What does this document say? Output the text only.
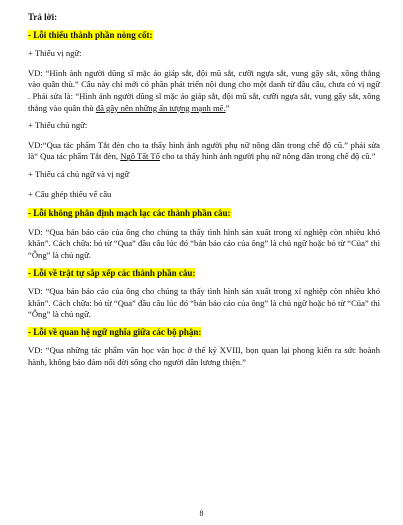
Trả lời:
- Lỗi thiếu thành phần nòng cốt:
+ Thiếu vị ngữ:
VD: “Hình ảnh người dũng sĩ mặc áo giáp sắt, đội mũ sắt, cưỡi ngựa sắt, vung gậy sắt, xông thẳng vào quân thù.” Câu này chỉ mới có phần phát triển nội dung cho một danh từ đầu câu, chưa có vị ngữ . Phải sửa là: “Hình ảnh người dũng sĩ mặc áo giáp sắt, đội mũ sắt, cưỡi ngựa sắt, vung gậy sắt, xông thẳng vào quân thù đã gây nên những ấn tượng mạnh mẽ.”
+ Thiếu chủ ngữ:
VD:“Qua tác phẩm Tắt đèn cho ta thấy hình ảnh người phụ nữ nông dân trong chế độ cũ.” phải sửa là“ Qua tác phẩm Tắt đèn, Ngô Tất Tố cho ta thấy hình ảnh người phụ nữ nông dân trong chế độ cũ.”
+ Thiếu cả chủ ngữ và vị ngữ
+ Câu ghép thiếu vế câu
- Lỗi không phân định mạch lạc các thành phần câu:
VD: “Qua bản báo cáo của ông cho chúng ta thấy tình hình sản xuất trong xí nghiệp còn nhiều khó khăn”. Cách chữa: bỏ từ “Qua” đầu câu lúc đó “bản báo cáo của ông” là chủ ngữ hoặc bỏ từ “Của” thì “Ông” là chủ ngữ.
- Lỗi về trật tự sắp xếp các thành phần câu:
VD: “Qua bản báo cáo của ông cho chúng ta thấy tình hình sản xuất trong xí nghiệp còn nhiều khó khăn”. Cách chữa: bỏ từ “Qua” đầu câu lúc đó “bản báo cáo của ông” là chủ ngữ hoặc bỏ từ “Của” thì “Ông” là chủ ngữ.
- Lỗi về quan hệ ngữ nghĩa giữa các bộ phận:
VD: “Qua những tác phẩm văn học văn học ở thế kỷ XVIII, bọn quan lại phong kiến ra sức hoành hành, không bảo đảm nổi đời sống cho người dân lương thiện.”
8
